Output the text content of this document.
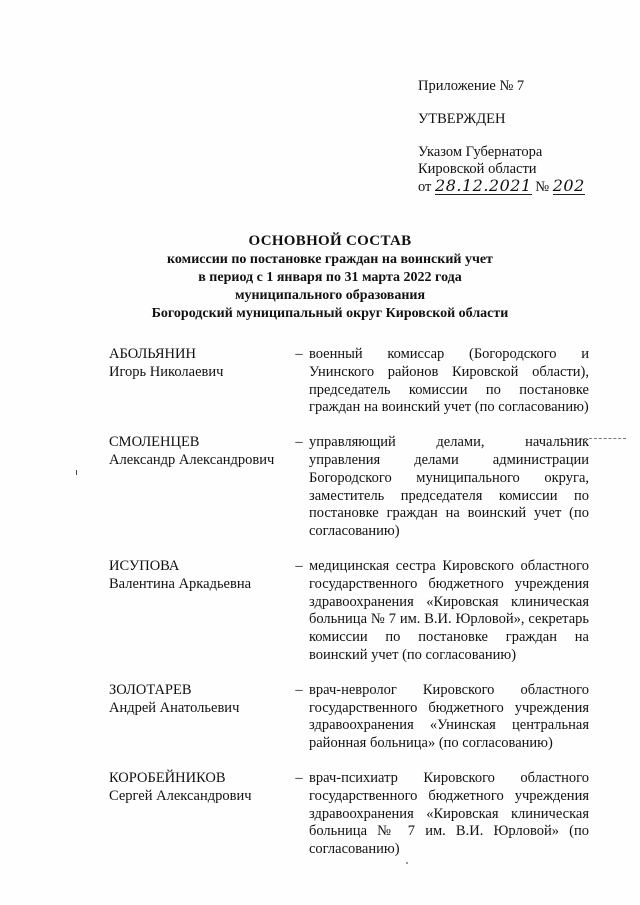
Приложение № 7
УТВЕРЖДЕН
Указом Губернатора
Кировской области
от 28.12.2021 № 202
ОСНОВНОЙ СОСТАВ
комиссии по постановке граждан на воинский учет
в период с 1 января по 31 марта 2022 года
муниципального образования
Богородский муниципальный округ Кировской области
АБОЛЬЯНИН
Игорь Николаевич
– военный комиссар (Богородского и Унинского районов Кировской области), председатель комиссии по постановке граждан на воинский учет (по согласованию)
СМОЛЕНЦЕВ
Александр Александрович
– управляющий делами, начальник управления делами администрации Богородского муниципального округа, заместитель председателя комиссии по постановке граждан на воинский учет (по согласованию)
ИСУПОВА
Валентина Аркадьевна
– медицинская сестра Кировского областного государственного бюджетного учреждения здравоохранения «Кировская клиническая больница № 7 им. В.И. Юрловой», секретарь комиссии по постановке граждан на воинский учет (по согласованию)
ЗОЛОТАРЕВ
Андрей Анатольевич
– врач-невролог Кировского областного государственного бюджетного учреждения здравоохранения «Унинская центральная районная больница» (по согласованию)
КОРОБЕЙНИКОВ
Сергей Александрович
– врач-психиатр Кировского областного государственного бюджетного учреждения здравоохранения «Кировская клиническая больница № 7 им. В.И. Юрловой» (по согласованию)
